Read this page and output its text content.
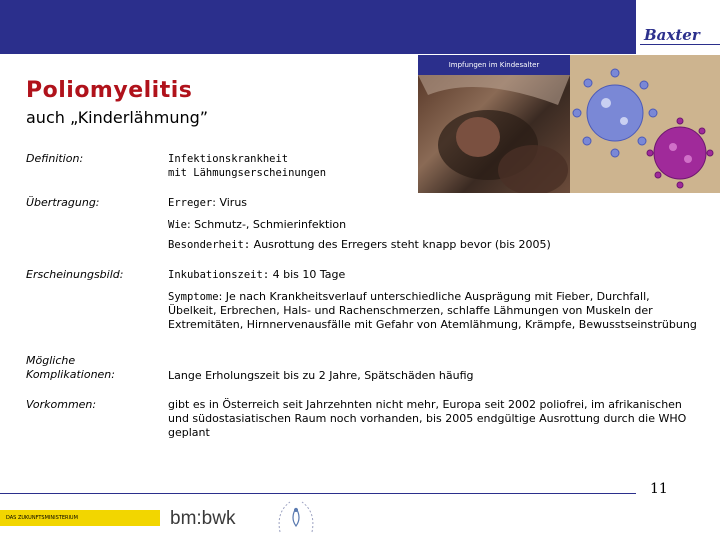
Baxter
Impfungen im Kindesalter
Poliomyelitis
auch „Kinderlähmung”
Definition:	Infektionskrankheit
mit Lähmungserscheinungen
Übertragung:	Erreger: Virus
Wie: Schmutz-, Schmierinfektion
Besonderheit: Ausrottung des Erregers steht knapp bevor (bis 2005)
Erscheinungsbild:	Inkubationszeit: 4 bis 10 Tage
Symptome: Je nach Krankheitsverlauf unterschiedliche Ausprägung mit Fieber, Durchfall, Übelkeit, Erbrechen, Hals- und Rachenschmerzen, schlaffe Lähmungen von Muskeln der Extremitäten, Hirnnervenausfälle mit Gefahr von Atemlähmung, Krämpfe, Bewusstseinstrübung
Mögliche
Komplikationen:	Lange Erholungszeit bis zu 2 Jahre, Spätschäden häufig
Vorkommen:	gibt es in Österreich seit Jahrzehnten nicht mehr, Europa seit 2002 poliofrei, im afrikanischen und südostasiatischen Raum noch vorhanden, bis 2005 endgültige Ausrottung durch die WHO geplant
11
DAS ZUKUNFTSMINISTERIUM	bm:bwk
